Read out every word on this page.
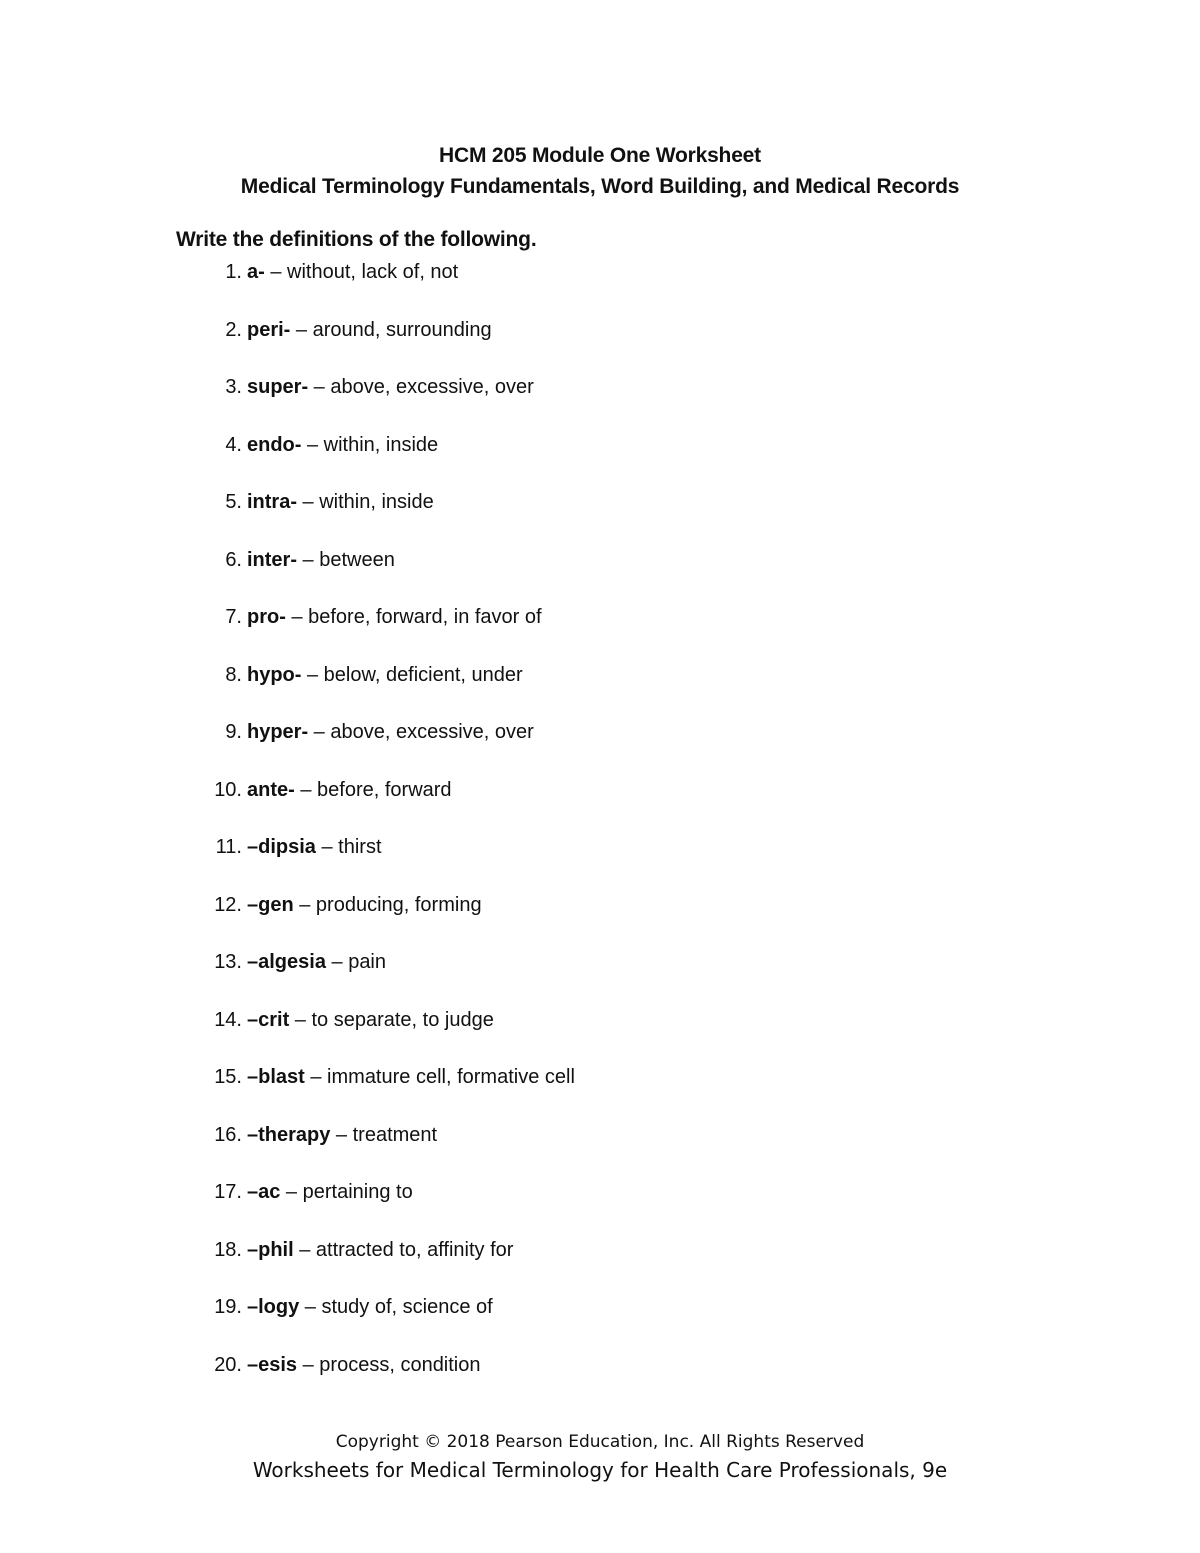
HCM 205 Module One Worksheet
Medical Terminology Fundamentals, Word Building, and Medical Records
Write the definitions of the following.
1. a- – without, lack of, not
2. peri- – around, surrounding
3. super- – above, excessive, over
4. endo- – within, inside
5. intra- – within, inside
6. inter- – between
7. pro- – before, forward, in favor of
8. hypo- – below, deficient, under
9. hyper- – above, excessive, over
10. ante- – before, forward
11. –dipsia – thirst
12. –gen – producing, forming
13. –algesia – pain
14. –crit – to separate, to judge
15. –blast – immature cell, formative cell
16. –therapy – treatment
17. –ac – pertaining to
18. –phil – attracted to, affinity for
19. –logy – study of, science of
20. –esis – process, condition
Copyright © 2018 Pearson Education, Inc. All Rights Reserved
Worksheets for Medical Terminology for Health Care Professionals, 9e
